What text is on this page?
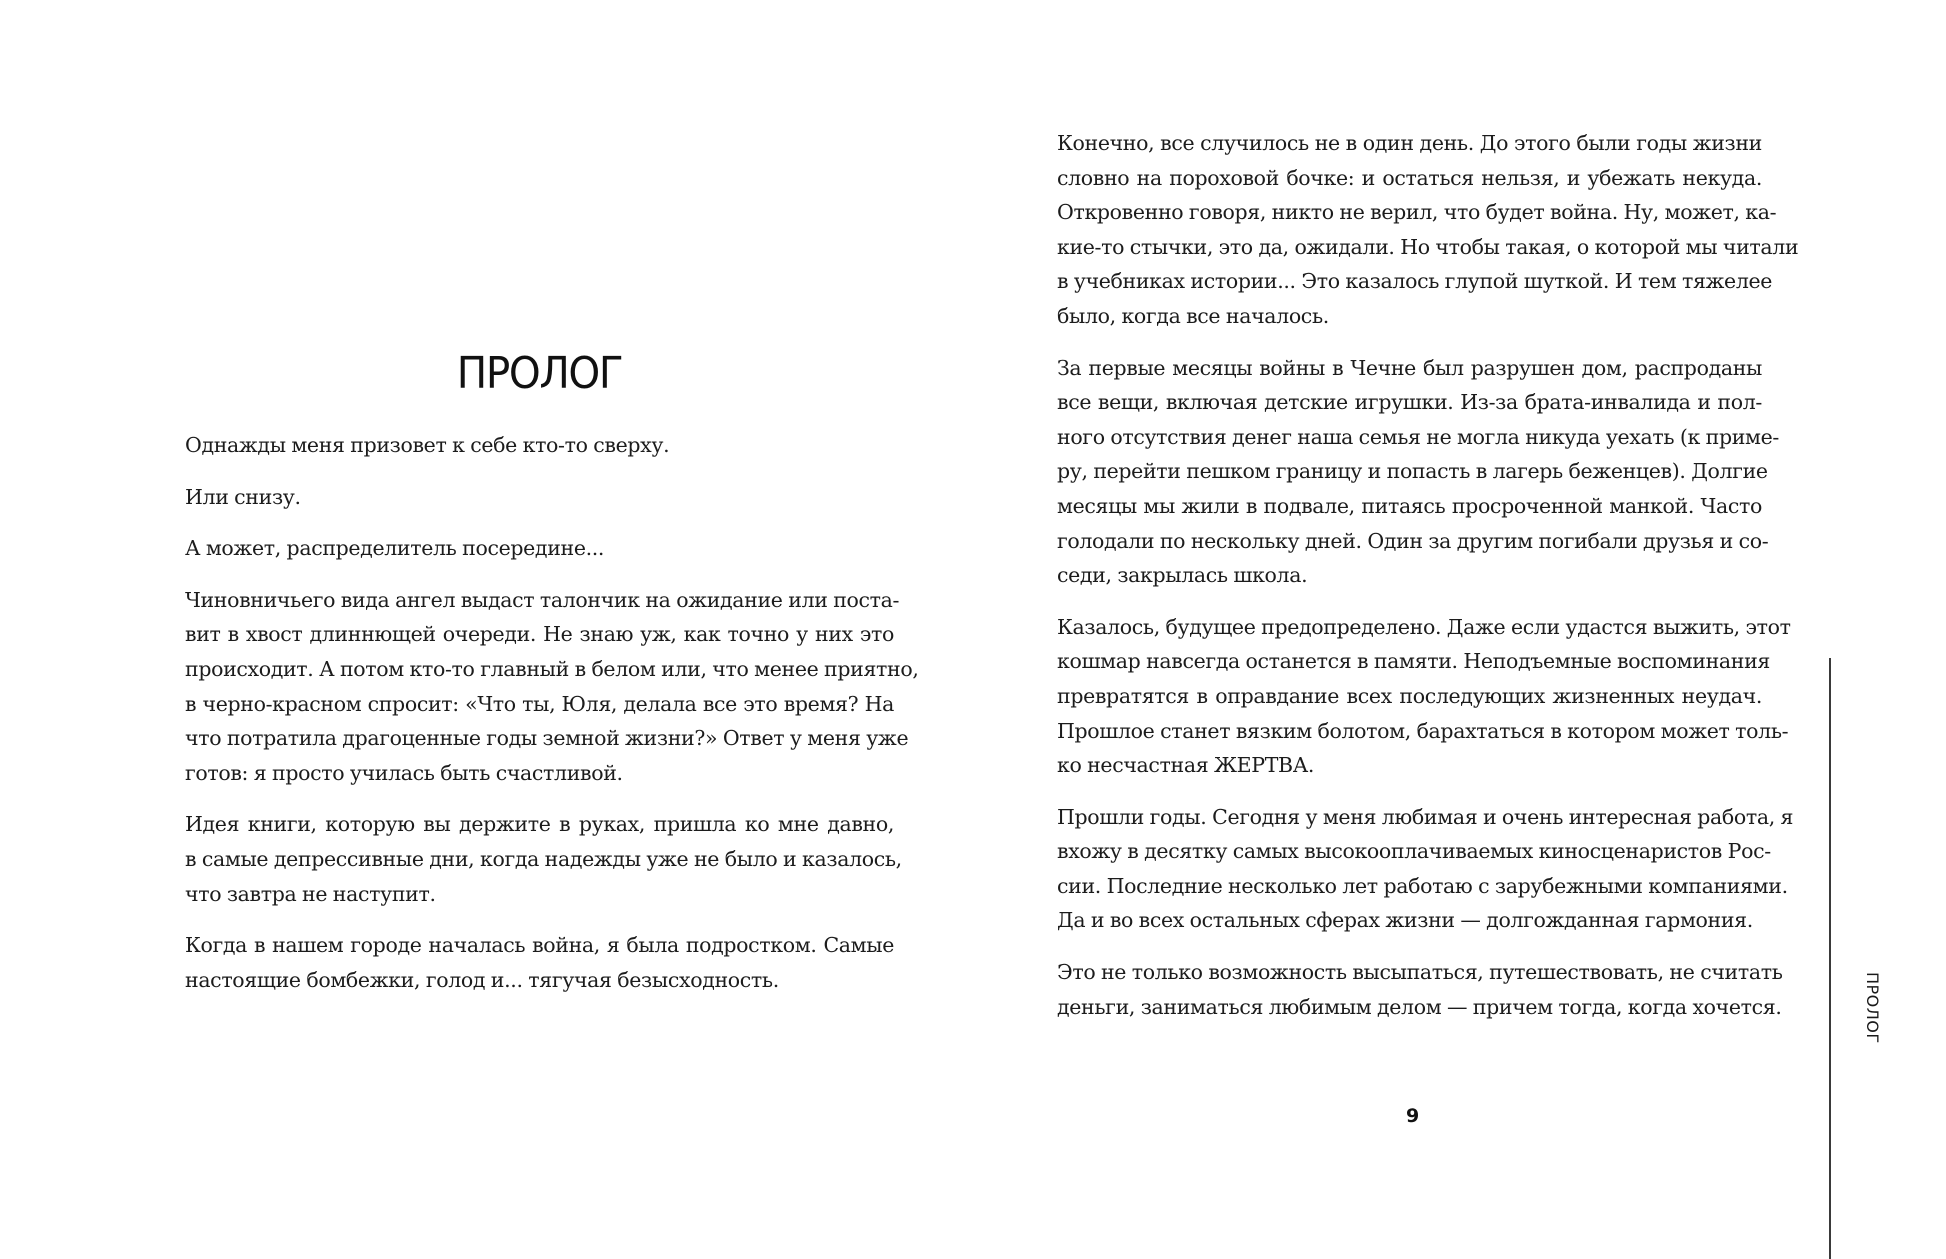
ПРОЛОГ

Однажды меня призовет к себе кто-то сверху.

Или снизу.

А может, распределитель посередине...

Чиновничьего вида ангел выдаст талончик на ожидание или поста-
вит в хвост длиннющей очереди. Не знаю уж, как точно у них это
происходит. А потом кто-то главный в белом или, что менее приятно,
в черно-красном спросит: «Что ты, Юля, делала все это время? На
что потратила драгоценные годы земной жизни?» Ответ у меня уже
готов: я просто училась быть счастливой.

Идея книги, которую вы держите в руках, пришла ко мне давно,
в самые депрессивные дни, когда надежды уже не было и казалось,
что завтра не наступит.

Когда в нашем городе началась война, я была подростком. Самые
настоящие бомбежки, голод и... тягучая безысходность.

Конечно, все случилось не в один день. До этого были годы жизни
словно на пороховой бочке: и остаться нельзя, и убежать некуда.
Откровенно говоря, никто не верил, что будет война. Ну, может, ка-
кие-то стычки, это да, ожидали. Но чтобы такая, о которой мы читали
в учебниках истории... Это казалось глупой шуткой. И тем тяжелее
было, когда все началось.

За первые месяцы войны в Чечне был разрушен дом, распроданы
все вещи, включая детские игрушки. Из-за брата-инвалида и пол-
ного отсутствия денег наша семья не могла никуда уехать (к приме-
ру, перейти пешком границу и попасть в лагерь беженцев). Долгие
месяцы мы жили в подвале, питаясь просроченной манкой. Часто
голодали по нескольку дней. Один за другим погибали друзья и со-
седи, закрылась школа.

Казалось, будущее предопределено. Даже если удастся выжить, этот
кошмар навсегда останется в памяти. Неподъемные воспоминания
превратятся в оправдание всех последующих жизненных неудач.
Прошлое станет вязким болотом, барахтаться в котором может толь-
ко несчастная ЖЕРТВА.

Прошли годы. Сегодня у меня любимая и очень интересная работа, я
вхожу в десятку самых высокооплачиваемых киносценаристов Рос-
сии. Последние несколько лет работаю с зарубежными компаниями.
Да и во всех остальных сферах жизни — долгожданная гармония.

Это не только возможность высыпаться, путешествовать, не считать
деньги, заниматься любимым делом — причем тогда, когда хочется.

9
ПРОЛОГ
